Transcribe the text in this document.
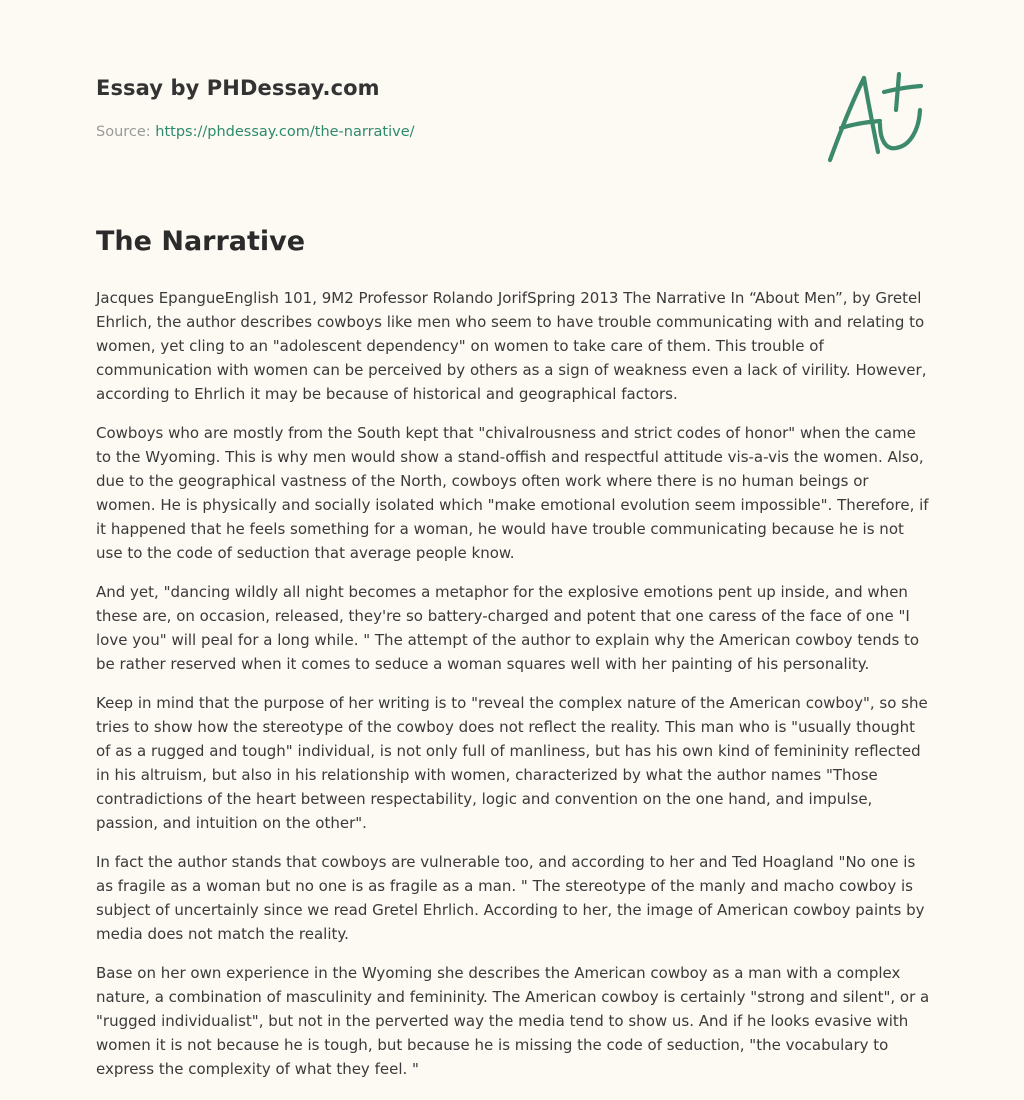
Essay by PHDessay.com

Source: https://phdessay.com/the-narrative/

The Narrative

Jacques EpangueEnglish 101, 9M2 Professor Rolando JorifSpring 2013 The Narrative In “About Men”, by Gretel Ehrlich, the author describes cowboys like men who seem to have trouble communicating with and relating to women, yet cling to an "adolescent dependency" on women to take care of them. This trouble of communication with women can be perceived by others as a sign of weakness even a lack of virility. However, according to Ehrlich it may be because of historical and geographical factors.

Cowboys who are mostly from the South kept that "chivalrousness and strict codes of honor" when the came to the Wyoming. This is why men would show a stand-offish and respectful attitude vis-a-vis the women. Also, due to the geographical vastness of the North, cowboys often work where there is no human beings or women. He is physically and socially isolated which "make emotional evolution seem impossible". Therefore, if it happened that he feels something for a woman, he would have trouble communicating because he is not use to the code of seduction that average people know.

And yet, "dancing wildly all night becomes a metaphor for the explosive emotions pent up inside, and when these are, on occasion, released, they're so battery-charged and potent that one caress of the face of one "I love you" will peal for a long while. " The attempt of the author to explain why the American cowboy tends to be rather reserved when it comes to seduce a woman squares well with her painting of his personality.

Keep in mind that the purpose of her writing is to "reveal the complex nature of the American cowboy", so she tries to show how the stereotype of the cowboy does not reflect the reality. This man who is "usually thought of as a rugged and tough" individual, is not only full of manliness, but has his own kind of femininity reflected in his altruism, but also in his relationship with women, characterized by what the author names "Those contradictions of the heart between respectability, logic and convention on the one hand, and impulse, passion, and intuition on the other".

In fact the author stands that cowboys are vulnerable too, and according to her and Ted Hoagland "No one is as fragile as a woman but no one is as fragile as a man. " The stereotype of the manly and macho cowboy is subject of uncertainly since we read Gretel Ehrlich. According to her, the image of American cowboy paints by media does not match the reality.

Base on her own experience in the Wyoming she describes the American cowboy as a man with a complex nature, a combination of masculinity and femininity. The American cowboy is certainly "strong and silent", or a "rugged individualist", but not in the perverted way the media tend to show us. And if he looks evasive with women it is not because he is tough, but because he is missing the code of seduction, "the vocabulary to express the complexity of what they feel. "
